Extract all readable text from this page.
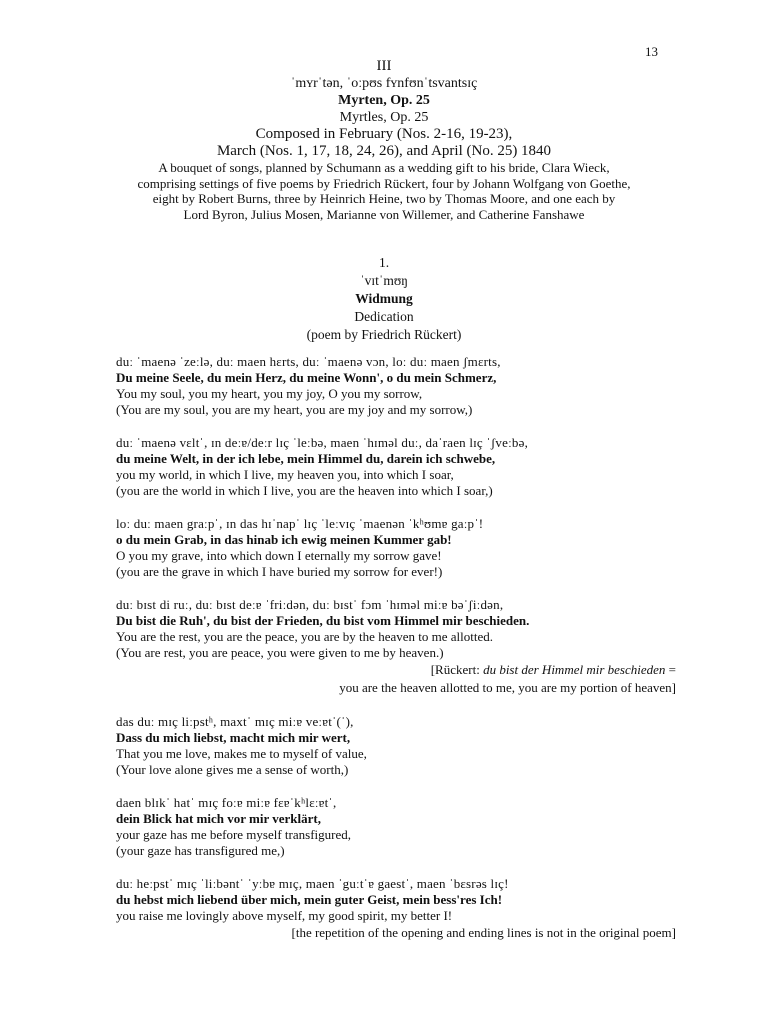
13
III
ˈmʏrˈtən, ˈoːpʊs fʏnfʊnˈtsvantsɪç
Myrten, Op. 25
Myrtles, Op. 25
Composed in February (Nos. 2-16, 19-23),
March (Nos. 1, 17, 18, 24, 26), and April (No. 25) 1840
A bouquet of songs, planned by Schumann as a wedding gift to his bride, Clara Wieck,
comprising settings of five poems by Friedrich Rückert, four by Johann Wolfgang von Goethe,
eight by Robert Burns, three by Heinrich Heine, two by Thomas Moore, and one each by
Lord Byron, Julius Mosen, Marianne von Willemer, and Catherine Fanshawe
1.
ˈvɪtˈmʊŋ
Widmung
Dedication
(poem by Friedrich Rückert)
duː ˈmaenə ˈzeːlə, duː maen hɛrts, duː ˈmaenə vɔn, loː duː maen ʃmɛrts,
Du meine Seele, du mein Herz, du meine Wonn', o du mein Schmerz,
You my soul, you my heart, you my joy, O you my sorrow,
(You are my soul, you are my heart, you are my joy and my sorrow,)
duː ˈmaenə vɛltˈ, ɪn deːɐ/deːr lɪç ˈleːbə, maen ˈhɪməl duː, daˈraen lɪç ˈʃveːbə,
du meine Welt, in der ich lebe, mein Himmel du, darein ich schwebe,
you my world, in which I live, my heaven you, into which I soar,
(you are the world in which I live, you are the heaven into which I soar,)
loː duː maen graːpˈ, ɪn das hɪˈnapˈ lɪç ˈleːvɪç ˈmaenən ˈkʰʊmɐ gaːpˈ!
o du mein Grab, in das hinab ich ewig meinen Kummer gab!
O you my grave, into which down I eternally my sorrow gave!
(you are the grave in which I have buried my sorrow for ever!)
duː bɪst di ruː, duː bɪst deːɐ ˈfriːdən, duː bɪstˈ fɔm ˈhɪməl miːɐ bəˈʃiːdən,
Du bist die Ruh', du bist der Frieden, du bist vom Himmel mir beschieden.
You are the rest, you are the peace, you are by the heaven to me allotted.
(You are rest, you are peace, you were given to me by heaven.)
[Rückert: du bist der Himmel mir beschieden =
you are the heaven allotted to me, you are my portion of heaven]
das duː mɪç liːpstʰ, maxtˈ mɪç miːɐ veːɐtˈ(ˈ),
Dass du mich liebst, macht mich mir wert,
That you me love, makes me to myself of value,
(Your love alone gives me a sense of worth,)
daen blɪkˈ hatˈ mɪç foːɐ miːɐ fɛɐˈkʰlɛːɐtˈ,
dein Blick hat mich vor mir verklärt,
your gaze has me before myself transfigured,
(your gaze has transfigured me,)
duː heːpstˈ mɪç ˈliːbəntˈ ˈyːbɐ mɪç, maen ˈguːtˈɐ gaestˈ, maen ˈbɛsrəs lɪç!
du hebst mich liebend über mich, mein guter Geist, mein bess'res Ich!
you raise me lovingly above myself, my good spirit, my better I!
[the repetition of the opening and ending lines is not in the original poem]
